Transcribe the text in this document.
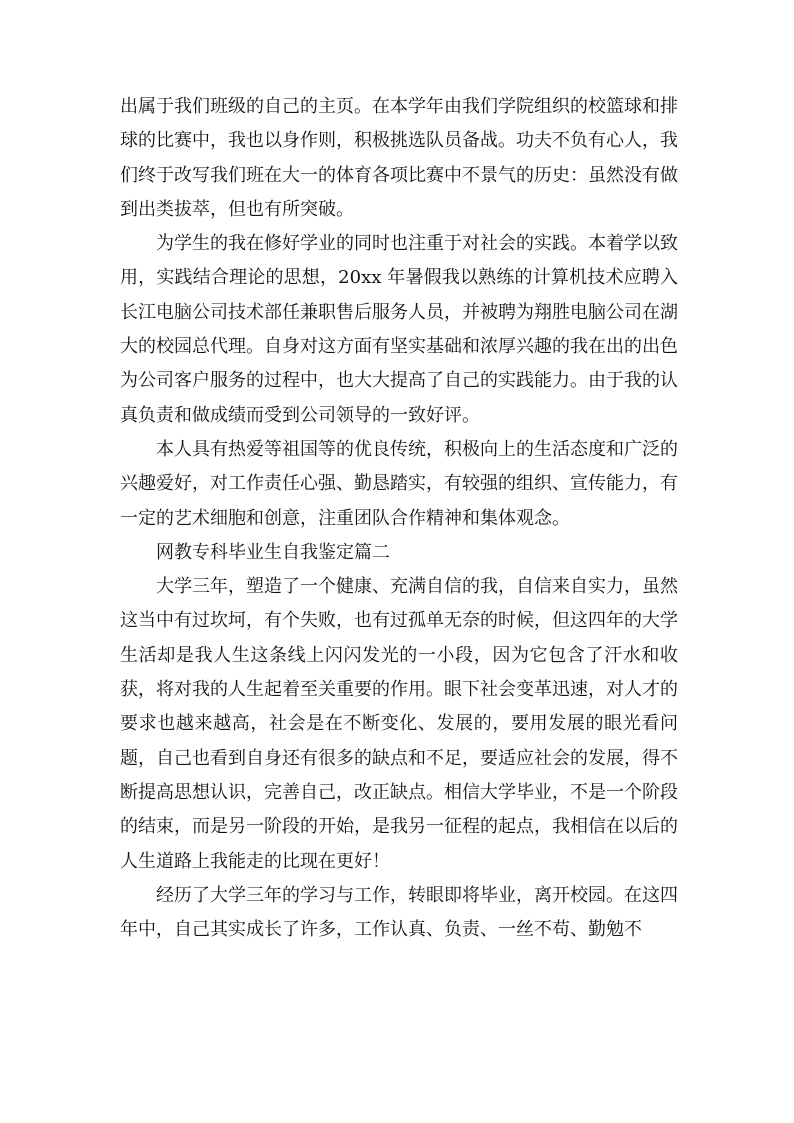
出属于我们班级的自己的主页。在本学年由我们学院组织的校篮球和排球的比赛中，我也以身作则，积极挑选队员备战。功夫不负有心人，我们终于改写我们班在大一的体育各项比赛中不景气的历史：虽然没有做到出类拔萃，但也有所突破。

为学生的我在修好学业的同时也注重于对社会的实践。本着学以致用，实践结合理论的思想，20xx 年暑假我以熟练的计算机技术应聘入长江电脑公司技术部任兼职售后服务人员，并被聘为翔胜电脑公司在湖大的校园总代理。自身对这方面有坚实基础和浓厚兴趣的我在出的出色为公司客户服务的过程中，也大大提高了自己的实践能力。由于我的认真负责和做成绩而受到公司领导的一致好评。

本人具有热爱等祖国等的优良传统，积极向上的生活态度和广泛的兴趣爱好，对工作责任心强、勤恳踏实，有较强的组织、宣传能力，有一定的艺术细胞和创意，注重团队合作精神和集体观念。

网教专科毕业生自我鉴定篇二

大学三年，塑造了一个健康、充满自信的我，自信来自实力，虽然这当中有过坎坷，有个失败，也有过孤单无奈的时候，但这四年的大学生活却是我人生这条线上闪闪发光的一小段，因为它包含了汗水和收获，将对我的人生起着至关重要的作用。眼下社会变革迅速，对人才的要求也越来越高，社会是在不断变化、发展的，要用发展的眼光看问题，自己也看到自身还有很多的缺点和不足，要适应社会的发展，得不断提高思想认识，完善自己，改正缺点。相信大学毕业，不是一个阶段的结束，而是另一阶段的开始，是我另一征程的起点，我相信在以后的人生道路上我能走的比现在更好！

经历了大学三年的学习与工作，转眼即将毕业，离开校园。在这四年中，自己其实成长了许多，工作认真、负责、一丝不苟、勤勉不
